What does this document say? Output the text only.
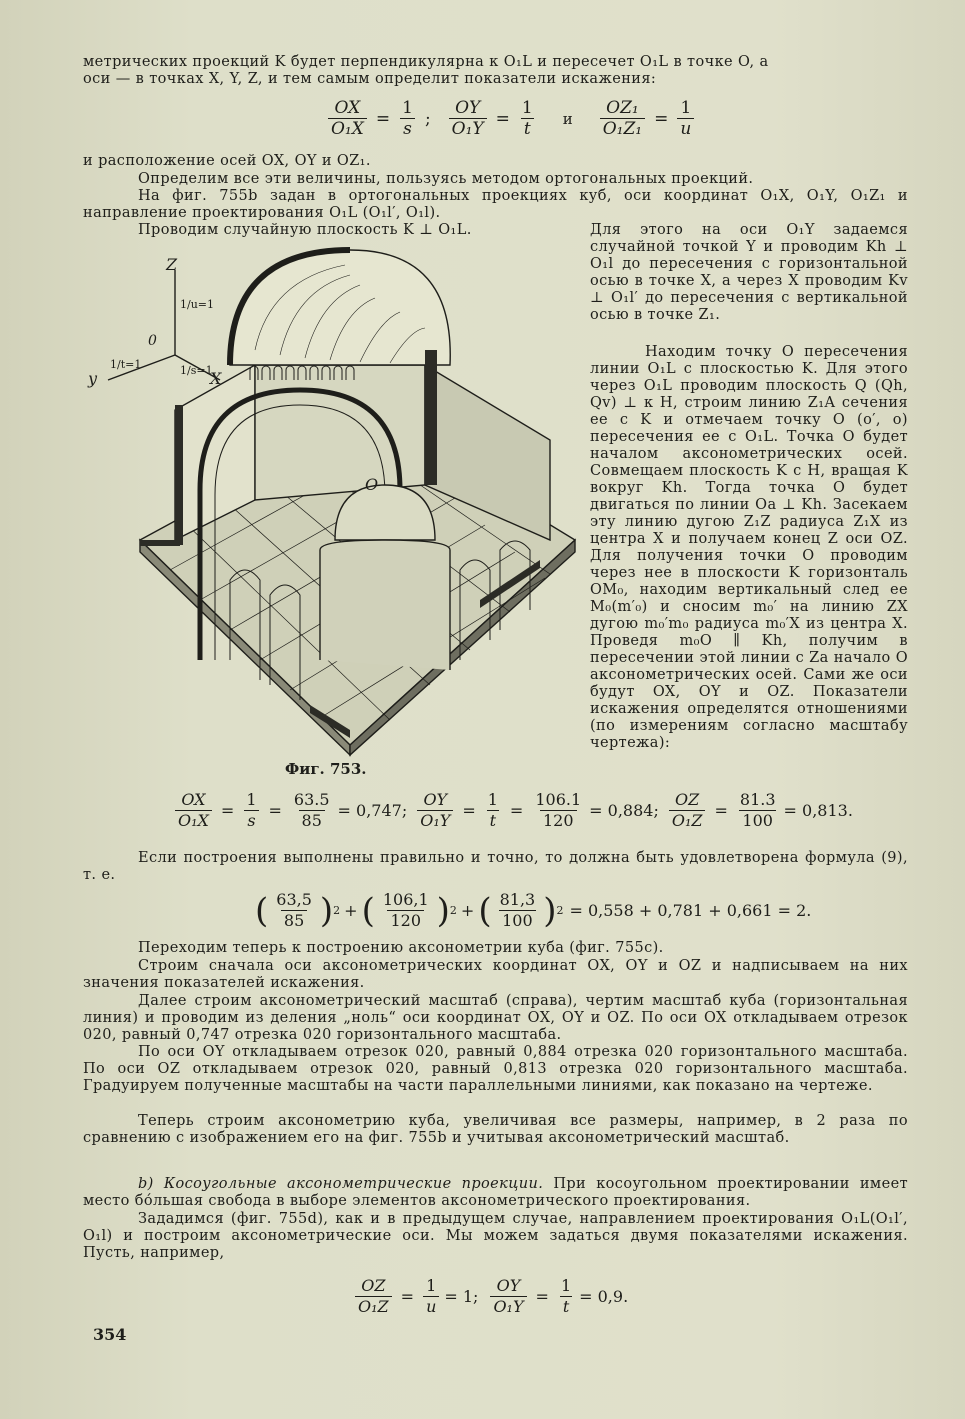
метрических проекций K будет перпендикулярна к O₁L и пересечет O₁L в точке O, а
оси — в точках X, Y, Z, и тем самым определит показатели искажения:
$\frac{OX}{\text{O₁X}} = \frac{1}{s}$ ; $\frac{OY}{\text{O₁Y}} = \frac{1}{t}$ и $\frac{\text{OZ₁}}{\text{O₁Z₁}} = \frac{1}{u}$
и расположение осей OX, OY и OZ₁.
Определим все эти величины, пользуясь методом ортогональных проекций.
На фиг. 755b задан в ортогональных проекциях куб, оси координат O₁X, O₁Y, O₁Z₁ и направление проектирования O₁L (O₁l′, O₁l).
Проводим случайную плоскость K ⊥ O₁L.	Для этого на оси O₁Y задаемся случайной точкой Y и проводим Kh ⊥ O₁l до пересечения с горизонтальной осью в точке X, а через X проводим Kv ⊥ O₁l′ до пересечения с вертикальной осью в точке Z₁.
Находим точку O пересечения линии O₁L с плоскостью K. Для этого через O₁L проводим плоскость Q (Qh, Qv) ⊥ к H, строим линию Z₁A сечения ее с K и отмечаем точку O (o′, o) пересечения ее с O₁L. Точка O будет началом аксонометрических осей. Совмещаем плоскость K с H, вращая K вокруг Kh. Тогда точка O будет двигаться по линии Oa ⊥ Kh. Засекаем эту линию дугою Z₁Z радиуса Z₁X из центра X и получаем конец Z оси OZ. Для получения точки O проводим через нее в плоскости K горизонталь OM₀, находим вертикальный след ее M₀(m′₀) и сносим m₀′ на линию ZX дугою m₀′m₀ радиуса m₀′X из центра X. Проведя m₀O ∥ Kh, получим в пересечении этой линии с Za начало O аксонометрических осей. Сами же оси будут OX, OY и OZ. Показатели искажения определятся отношениями (по измерениям согласно масштабу чертежа):
Z
y	X
0
1/u=1
1/t=1	1/s=1
O
Фиг. 753.
$\frac{OX}{\text{O₁X}} = \frac{1}{s} = \frac{63.5}{85} = 0,747$; $\frac{OY}{\text{O₁Y}} = \frac{1}{t} = \frac{106.1}{120} = 0,884$; $\frac{OZ}{\text{O₁Z}} = \frac{81.3}{100} = 0,813$.
Если построения выполнены правильно и точно, то должна быть удовлетворена формула (9), т. е.
( $\frac{63,5}{85}$ ) 2 + ( $\frac{106,1}{120}$ ) 2 + ( $\frac{81,3}{100}$ ) 2 = 0,558 + 0,781 + 0,661 = 2.
Переходим теперь к построению аксонометрии куба (фиг. 755c).
Строим сначала оси аксонометрических координат OX, OY и OZ и надписываем на них значения показателей искажения.
Далее строим аксонометрический масштаб (справа), чертим масштаб куба (горизонтальная линия) и проводим из деления „ноль“ оси координат OX, OY и OZ. По оси OX откладываем отрезок 020, равный 0,747 отрезка 020 горизонтального масштаба.
По оси OY откладываем отрезок 020, равный 0,884 отрезка 020 горизонтального масштаба. По оси OZ откладываем отрезок 020, равный 0,813 отрезка 020 горизонтального масштаба. Градуируем полученные масштабы на части параллельными линиями, как показано на чертеже.
Теперь строим аксонометрию куба, увеличивая все размеры, например, в 2 раза по сравнению с изображением его на фиг. 755b и учитывая аксонометрический масштаб.
b) Косоугольные аксонометрические проекции. При косоугольном проектировании имеет место бо́льшая свобода в выборе элементов аксонометрического проектирования.
Зададимся (фиг. 755d), как и в предыдущем случае, направлением проектирования O₁L(O₁l′, O₁l) и построим аксонометрические оси. Мы можем задаться двумя показателями искажения. Пусть, например,
$\frac{OZ}{\text{O₁Z}} = \frac{1}{u} = 1$; $\frac{OY}{\text{O₁Y}} = \frac{1}{t} = 0,9$.
354
